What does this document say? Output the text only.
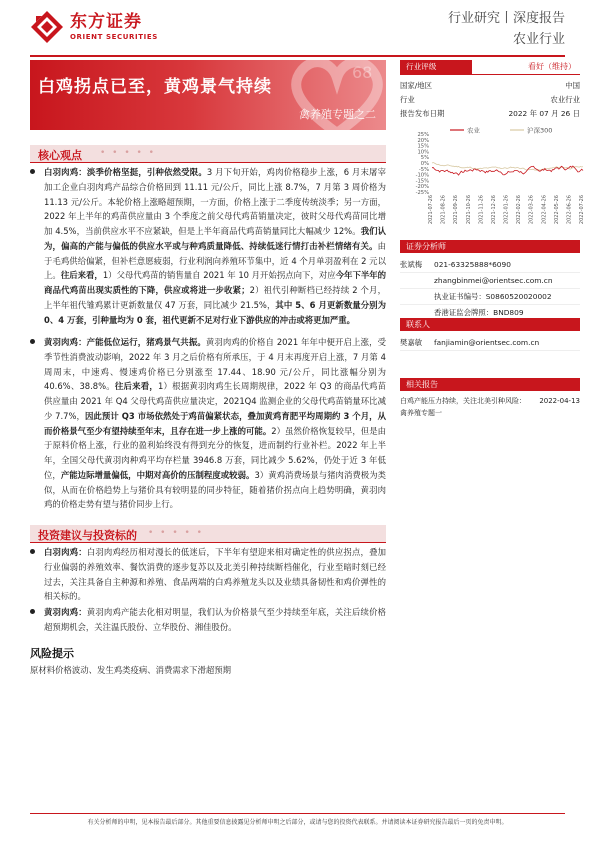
东方证券
ORIENT SECURITIES
行业研究丨深度报告
农业行业
68
白鸡拐点已至，黄鸡景气持续
禽养殖专题之二
核心观点 • • • • •
白羽肉鸡：淡季价格坚挺，引种依然受限。3 月下旬开始，鸡肉价格稳步上涨，6 月末屠宰加工企业白羽肉鸡产品综合价格回到 11.11 元/公斤，同比上涨 8.7%，7 月第 3 周价格为 11.13 元/公斤。本轮价格上涨略超预期，一方面，价格上涨于二季度传统淡季；另一方面，2022 年上半年的鸡苗供应量由 3 个季度之前父母代鸡苗销量决定，彼时父母代鸡苗同比增加 4.5%，当前供应水平不应紧缺，但是上半年商品代鸡苗销量同比大幅减少 12%。我们认为，偏高的产能与偏低的供应水平或与种鸡质量降低、持续低迷行情打击补栏情绪有关。由于毛鸡供给偏紧，但补栏意愿疲弱，行业利润向养殖环节集中，近 4 个月单羽盈利在 2 元以上。往后来看，1）父母代鸡苗的销售量自 2021 年 10 月开始拐点向下，对应今年下半年的商品代鸡苗出现实质性的下降，供应或将进一步收紧；2）祖代引种断档已经持续 2 个月，上半年祖代雏鸡累计更新数量仅 47 万套，同比减少 21.5%，其中 5、6 月更新数量分别为 0、4 万套，引种量均为 0 套，祖代更新不足对行业下游供应的冲击或将更加严重。
黄羽肉鸡：产能低位运行，猪鸡景气共振。黄羽肉鸡的价格自 2021 年年中便开启上涨，受季节性消费波动影响，2022 年 3 月之后价格有所承压，于 4 月末再度开启上涨，7 月第 4 周周末，中速鸡、慢速鸡价格已分别涨至 17.44、18.90 元/公斤，同比涨幅分别为 40.6%、38.8%。往后来看，1）根据黄羽肉鸡生长周期规律，2022 年 Q3 的商品代鸡苗供应量由 2021 年 Q4 父母代鸡苗供应量决定，2021Q4 监测企业的父母代鸡苗销量环比减少 7.7%，因此预计 Q3 市场依然处于鸡苗偏紧状态，叠加黄鸡育肥平均周期约 3 个月，从而价格景气至少有望持续至年末，且存在进一步上涨的可能。2）虽然价格恢复较早，但是由于原料价格上涨，行业的盈利始终没有得到充分的恢复，进而制约行业补栏。2022 年上半年，全国父母代黄羽肉种鸡平均存栏量 3946.8 万套，同比减少 5.62%，仍处于近 3 年低位，产能边际增量偏低，中期对高价的压制程度或较弱。3）黄鸡消费场景与猪肉消费极为类似，从而在价格趋势上与猪价具有较明显的同步特征，随着猪价拐点向上趋势明确，黄羽肉鸡的价格走势有望与猪价同步上行。
投资建议与投资标的 • • • • •
白羽肉鸡：白羽肉鸡经历相对漫长的低迷后，下半年有望迎来相对确定性的供应拐点，叠加行业偏弱的养殖效率、餐饮消费的逐步复苏以及北美引种持续断档催化，行业至暗时刻已经过去，关注具备自主种源和养殖、食品两端的白鸡养殖龙头以及业绩具备韧性和鸡价弹性的相关标的。
黄羽肉鸡：黄羽肉鸡产能去化相对明显，我们认为价格景气至少持续至年底，关注后续价格超预期机会，关注温氏股份、立华股份、湘佳股份。
风险提示
原材料价格波动、发生鸡类疫病、消费需求下滑超预期
行业评级	看好（维持）
国家/地区	中国
行业	农业行业
报告发布日期	2022 年 07 月 26 日
农业	沪深300
25%
20%
15%
10%
5%
0%
-5%
-10%
-15%
-20%
-25%
2021-07-26 2021-08-26 2021-09-26 2021-10-26 2021-11-26 2021-12-26 2022-01-26 2022-02-26 2022-03-26 2022-04-26 2022-05-26 2022-06-26 2022-07-26
证券分析师
张斌梅	021-63325888*6090
zhangbinmei@orientsec.com.cn
执业证书编号：S0860520020002
香港证监会牌照：BND809
联系人
樊嘉敏	fanjiamin@orientsec.com.cn
相关报告
白鸡产能压力持续，关注北美引种风险：禽养殖专题一
2022-04-13
有关分析师的申明，见本报告最后部分。其他重要信息披露见分析师申明之后部分，或请与您的投资代表联系。并请阅读本证券研究报告最后一页的免责申明。
